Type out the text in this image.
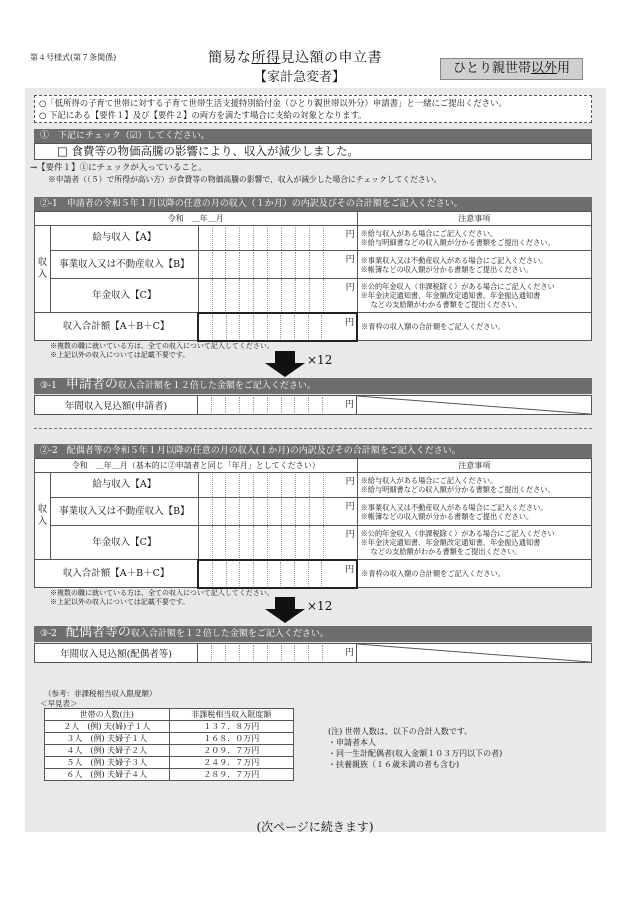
第４号様式(第７条関係)	簡易な所得見込額の申立書
【家計急変者】
ひとり親世帯以外用
○「低所得の子育て世帯に対する子育て世帯生活支援特別給付金（ひとり親世帯以外分）申請書」と一緒にご提出ください。
○ 下記にある【要件１】及び【要件２】の両方を満たす場合に支給の対象となります。
①　下記にチェック（☑）してください。
□ 食費等の物価高騰の影響により、収入が減少しました。
→【要件１】①にチェックが入っていること。
※申請者（（５）で所得が高い方）が食費等の物価高騰の影響で、収入が減少した場合にチェックしてください。
②-1　申請者の令和５年１月以降の任意の月の収入（１か月）の内訳及びその合計額をご記入ください。
令和　＿年＿月			注意事項
収入	給与収入【A】	円	※給与収入がある場合にご記入ください。
※給与明細書などの収入額が分かる書類をご提出ください。

	事業収入又は不動産収入【B】	円	※事業収入又は不動産収入がある場合にご記入ください。
※帳簿などの収入額が分かる書類をご提出ください。

	年金収入【C】	円	※公的年金収入（非課税除く）がある場合にご記入ください
※年金決定通知書、年金額改定通知書、年金振込通知書
などの支給額がわかる書類をご提出ください。

収入合計額【A＋B＋C】		円	※青枠の収入額の合計額をご記入ください。
※複数の職に就いている方は、全ての収入について記入してください。
※上記以外の収入については記載不要です。	×12
③-1　申請者の収入合計額を１２倍した金額をご記入ください。
年間収入見込額(申請者)	円

②-2　配偶者等の令和５年１月以降の任意の月の収入(１か月)の内訳及びその合計額をご記入ください。
令和　＿年＿月（基本的に②申請者と同じ「年月」としてください）			注意事項
収入	給与収入【A】	円	※給与収入がある場合にご記入ください。
※給与明細書などの収入額が分かる書類をご提出ください。

	事業収入又は不動産収入【B】	円	※事業収入又は不動産収入がある場合にご記入ください。
※帳簿などの収入額が分かる書類をご提出ください。

	年金収入【C】	円	※公的年金収入（非課税除く）がある場合にご記入ください
※年金決定通知書、年金額改定通知書、年金振込通知書
などの支給額がわかる書類をご提出ください。

収入合計額【A＋B＋C】		円	※青枠の収入額の合計額をご記入ください。
※複数の職に就いている方は、全ての収入について記入してください。
※上記以外の収入については記載不要です。	×12
③-2　配偶者等の収入合計額を１２倍した金額をご記入ください。
年間収入見込額(配偶者等)	円

（参考：非課税相当収入限度額）
＜早見表＞
世帯の人数(注)	非課税相当収入限度額
２人　(例) 夫(婦)子１人	１３７．８万円
３人　(例) 夫婦子１人	１６８．０万円
４人　(例) 夫婦子２人	２０９．７万円
５人　(例) 夫婦子３人	２４９．７万円
６人　(例) 夫婦子４人	２８９．７万円
(注) 世帯人数は、以下の合計人数です。
・申請者本人
・同一生計配偶者(収入金額１０３万円以下の者)
・扶養親族（１６歳未満の者も含む)
(次ページに続きます)
